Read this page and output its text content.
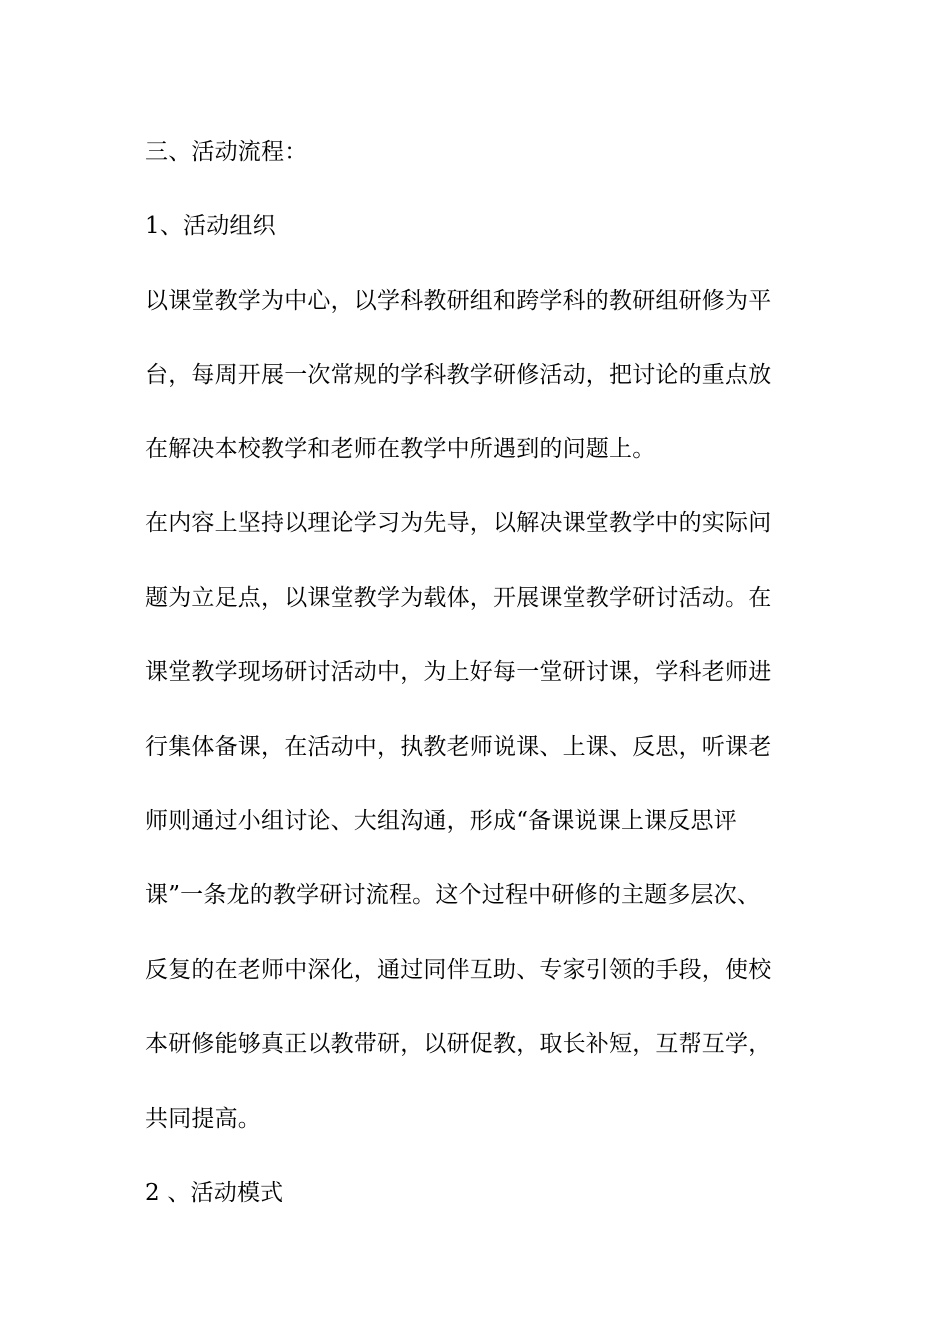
三、活动流程：
1、活动组织
以课堂教学为中心，以学科教研组和跨学科的教研组研修为平
台，每周开展一次常规的学科教学研修活动，把讨论的重点放
在解决本校教学和老师在教学中所遇到的问题上。
在内容上坚持以理论学习为先导，以解决课堂教学中的实际问
题为立足点，以课堂教学为载体，开展课堂教学研讨活动。在
课堂教学现场研讨活动中，为上好每一堂研讨课，学科老师进
行集体备课，在活动中，执教老师说课、上课、反思，听课老
师则通过小组讨论、大组沟通，形成“备课说课上课反思评
课”一条龙的教学研讨流程。这个过程中研修的主题多层次、
反复的在老师中深化，通过同伴互助、专家引领的手段，使校
本研修能够真正以教带研，以研促教，取长补短，互帮互学，
共同提高。
2 、活动模式
